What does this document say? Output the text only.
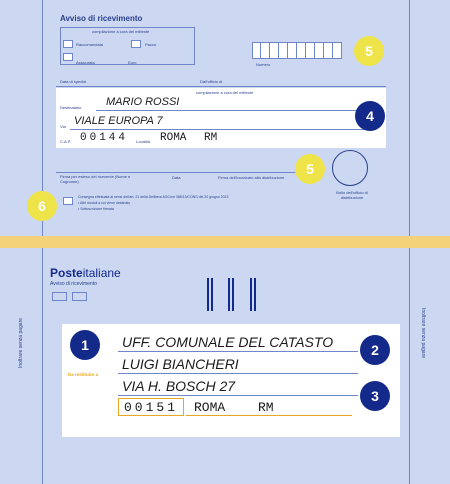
Avviso di ricevimento
compilazione a cura del mittente
Raccomandata	Pacco
Assicurata	Euro	Numero
Data di spedizi	Dall'ufficio di
compilazione a cura del mittente
Destinatario MARIO ROSSI
Via VIALE EUROPA 7
C.A.P. 00144 Località ROMA RM
Firma per esteso del ricevente (Nome e Cognome)
Data	Firma dell'incaricato alla distribuzione
Bollo dell'ufficio di distribuzione
Consegna effettuata ai sensi dell'art. 21 della Delibera AGCom 385/13/CONS del 20 giugno 2013
• Altri moduli a cui viene destinato
• Sottoscrizione firmata
5
4
5
6
Posteitaliane
Avviso di ricevimento
Inoltrare senza pagare	Inoltrare senza pagare
Da restituire a
UFF. COMUNALE DEL CATASTO
LUIGI BIANCHERI
VIA H. BOSCH 27
00151 ROMA	RM
1	2
3
